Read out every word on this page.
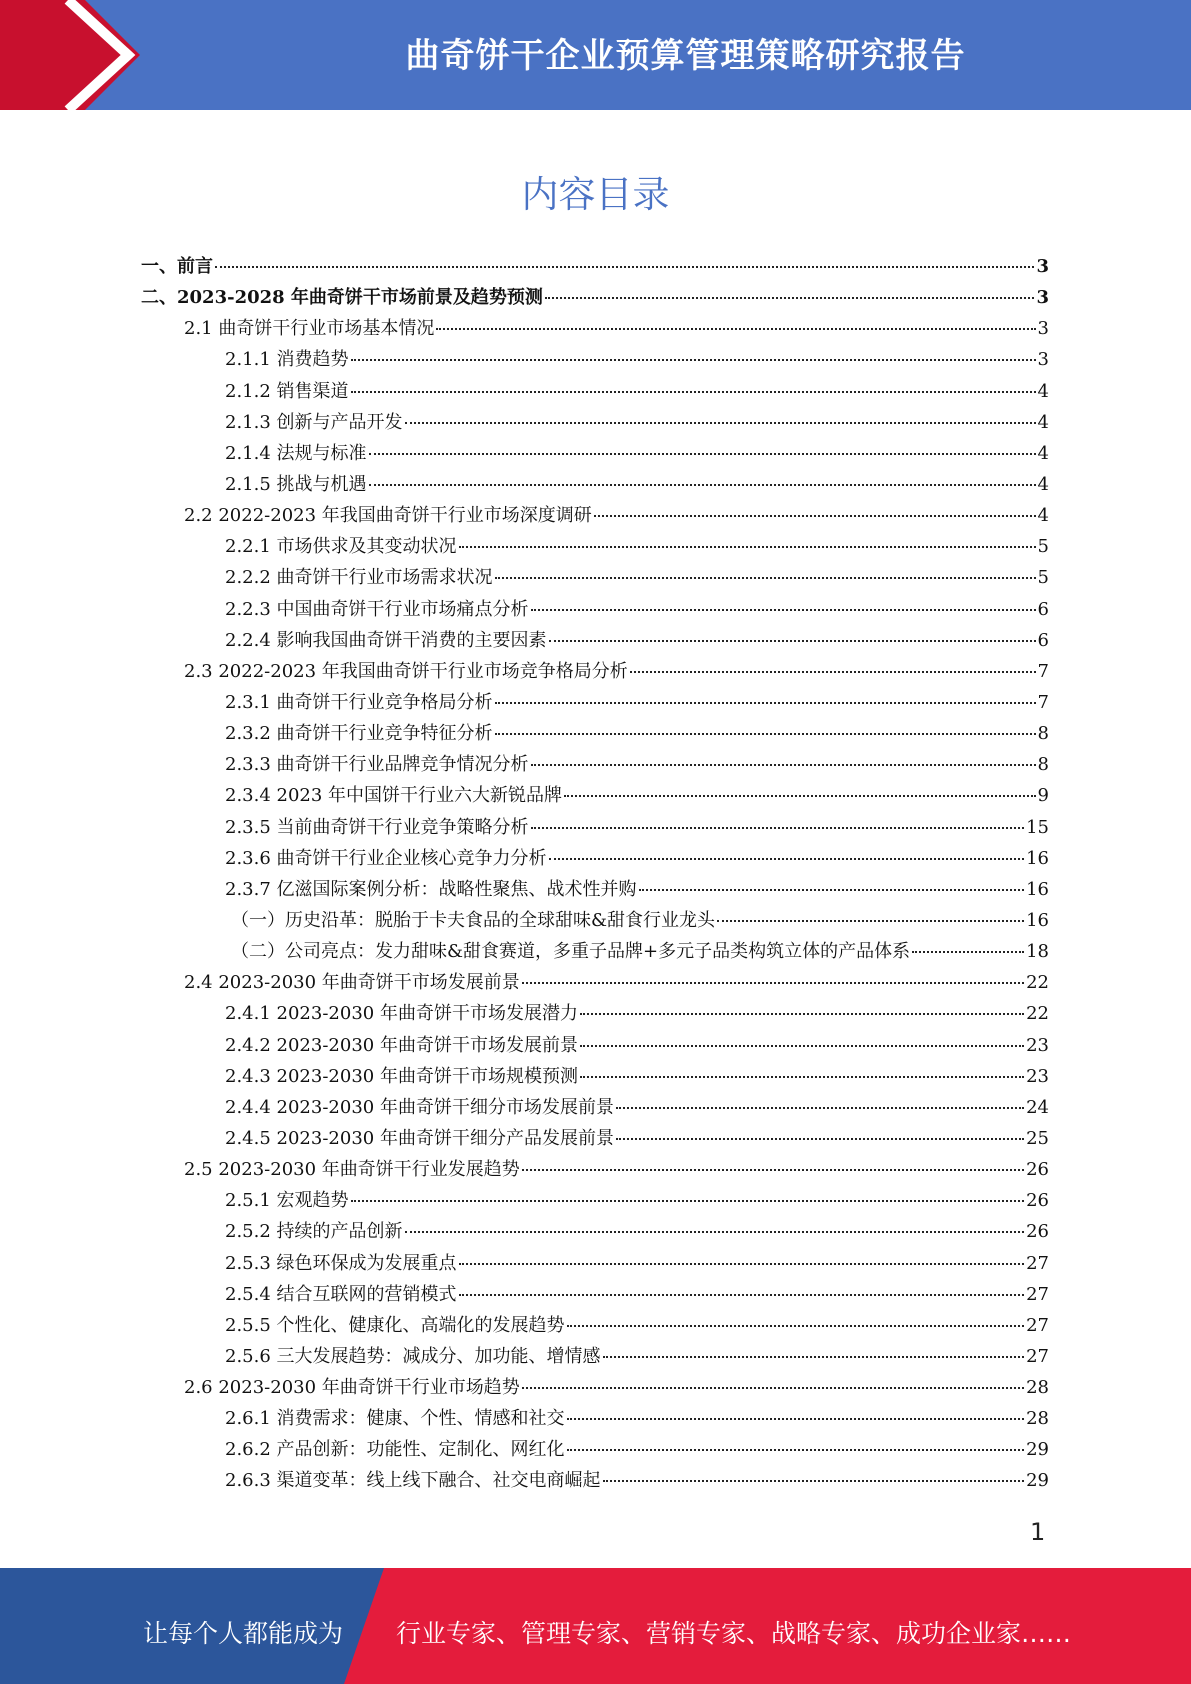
曲奇饼干企业预算管理策略研究报告
内容目录
一、前言	3
二、2023-2028 年曲奇饼干市场前景及趋势预测	3
2.1 曲奇饼干行业市场基本情况	3
2.1.1 消费趋势	3
2.1.2 销售渠道	4
2.1.3 创新与产品开发	4
2.1.4 法规与标准	4
2.1.5 挑战与机遇	4
2.2 2022-2023 年我国曲奇饼干行业市场深度调研	4
2.2.1 市场供求及其变动状况	5
2.2.2 曲奇饼干行业市场需求状况	5
2.2.3 中国曲奇饼干行业市场痛点分析	6
2.2.4 影响我国曲奇饼干消费的主要因素	6
2.3 2022-2023 年我国曲奇饼干行业市场竞争格局分析	7
2.3.1 曲奇饼干行业竞争格局分析	7
2.3.2 曲奇饼干行业竞争特征分析	8
2.3.3 曲奇饼干行业品牌竞争情况分析	8
2.3.4 2023 年中国饼干行业六大新锐品牌	9
2.3.5 当前曲奇饼干行业竞争策略分析	15
2.3.6 曲奇饼干行业企业核心竞争力分析	16
2.3.7 亿滋国际案例分析：战略性聚焦、战术性并购	16
（一）历史沿革：脱胎于卡夫食品的全球甜味&甜食行业龙头	16
（二）公司亮点：发力甜味&甜食赛道，多重子品牌+多元子品类构筑立体的产品体系	18
2.4 2023-2030 年曲奇饼干市场发展前景	22
2.4.1 2023-2030 年曲奇饼干市场发展潜力	22
2.4.2 2023-2030 年曲奇饼干市场发展前景	23
2.4.3 2023-2030 年曲奇饼干市场规模预测	23
2.4.4 2023-2030 年曲奇饼干细分市场发展前景	24
2.4.5 2023-2030 年曲奇饼干细分产品发展前景	25
2.5 2023-2030 年曲奇饼干行业发展趋势	26
2.5.1 宏观趋势	26
2.5.2 持续的产品创新	26
2.5.3 绿色环保成为发展重点	27
2.5.4 结合互联网的营销模式	27
2.5.5 个性化、健康化、高端化的发展趋势	27
2.5.6 三大发展趋势：减成分、加功能、增情感	27
2.6 2023-2030 年曲奇饼干行业市场趋势	28
2.6.1 消费需求：健康、个性、情感和社交	28
2.6.2 产品创新：功能性、定制化、网红化	29
2.6.3 渠道变革：线上线下融合、社交电商崛起	29
1
让每个人都能成为 行业专家、管理专家、营销专家、战略专家、成功企业家……
